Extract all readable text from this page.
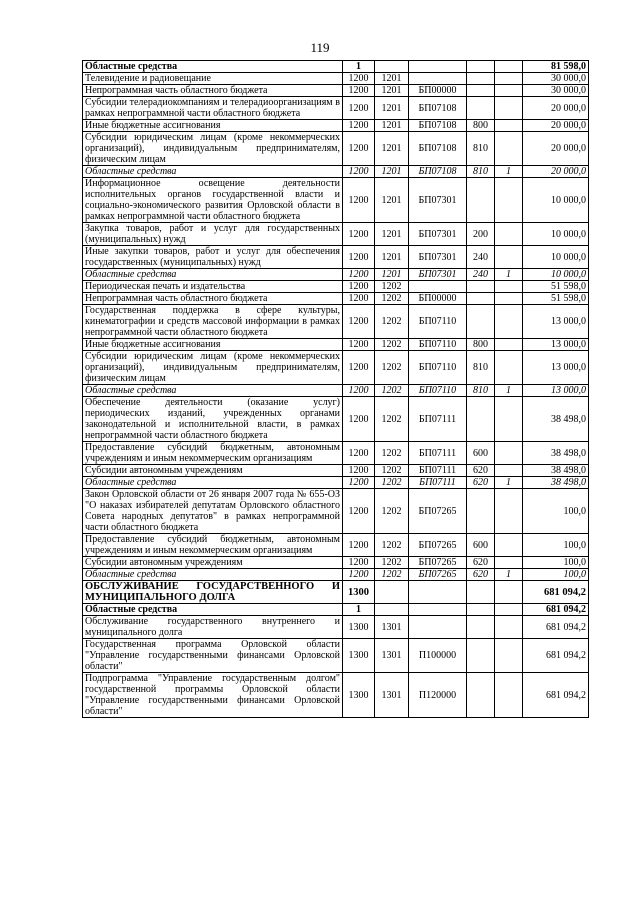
119
Областные средства	1					81 598,0
Телевидение и радиовещание	1200	1201				30 000,0
Непрограммная часть областного бюджета	1200	1201	БП00000			30 000,0
Субсидии телерадиокомпаниям и телерадиоорганизациям в рамках непрограммной части областного бюджета	1200	1201	БП07108			20 000,0
Иные бюджетные ассигнования	1200	1201	БП07108	800		20 000,0
Субсидии юридическим лицам (кроме некоммерческих организаций), индивидуальным предпринимателям, физическим лицам	1200	1201	БП07108	810		20 000,0
Областные средства	1200	1201	БП07108	810	1	20 000,0
Информационное освещение деятельности исполнительных органов государственной власти и социально-экономического развития Орловской области в рамках непрограммной части областного бюджета	1200	1201	БП07301			10 000,0
Закупка товаров, работ и услуг для государственных (муниципальных) нужд	1200	1201	БП07301	200		10 000,0
Иные закупки товаров, работ и услуг для обеспечения государственных (муниципальных) нужд	1200	1201	БП07301	240		10 000,0
Областные средства	1200	1201	БП07301	240	1	10 000,0
Периодическая печать и издательства	1200	1202				51 598,0
Непрограммная часть областного бюджета	1200	1202	БП00000			51 598,0
Государственная поддержка в сфере культуры, кинематографии и средств массовой информации в рамках непрограммной части областного бюджета	1200	1202	БП07110			13 000,0
Иные бюджетные ассигнования	1200	1202	БП07110	800		13 000,0
Субсидии юридическим лицам (кроме некоммерческих организаций), индивидуальным предпринимателям, физическим лицам	1200	1202	БП07110	810		13 000,0
Областные средства	1200	1202	БП07110	810	1	13 000,0
Обеспечение деятельности (оказание услуг) периодических изданий, учрежденных органами законодательной и исполнительной власти, в рамках непрограммной части областного бюджета	1200	1202	БП07111			38 498,0
Предоставление субсидий бюджетным, автономным учреждениям и иным некоммерческим организациям	1200	1202	БП07111	600		38 498,0
Субсидии автономным учреждениям	1200	1202	БП07111	620		38 498,0
Областные средства	1200	1202	БП07111	620	1	38 498,0
Закон Орловской области от 26 января 2007 года № 655-ОЗ "О наказах избирателей депутатам Орловского областного Совета народных депутатов" в рамках непрограммной части областного бюджета	1200	1202	БП07265			100,0
Предоставление субсидий бюджетным, автономным учреждениям и иным некоммерческим организациям	1200	1202	БП07265	600		100,0
Субсидии автономным учреждениям	1200	1202	БП07265	620		100,0
Областные средства	1200	1202	БП07265	620	1	100,0
ОБСЛУЖИВАНИЕ ГОСУДАРСТВЕННОГО И МУНИЦИПАЛЬНОГО ДОЛГА	1300					681 094,2
Областные средства	1					681 094,2
Обслуживание государственного внутреннего и муниципального долга	1300	1301				681 094,2
Государственная программа Орловской области "Управление государственными финансами Орловской области"	1300	1301	П100000			681 094,2
Подпрограмма "Управление государственным долгом" государственной программы Орловской области "Управление государственными финансами Орловской области"	1300	1301	П120000			681 094,2
